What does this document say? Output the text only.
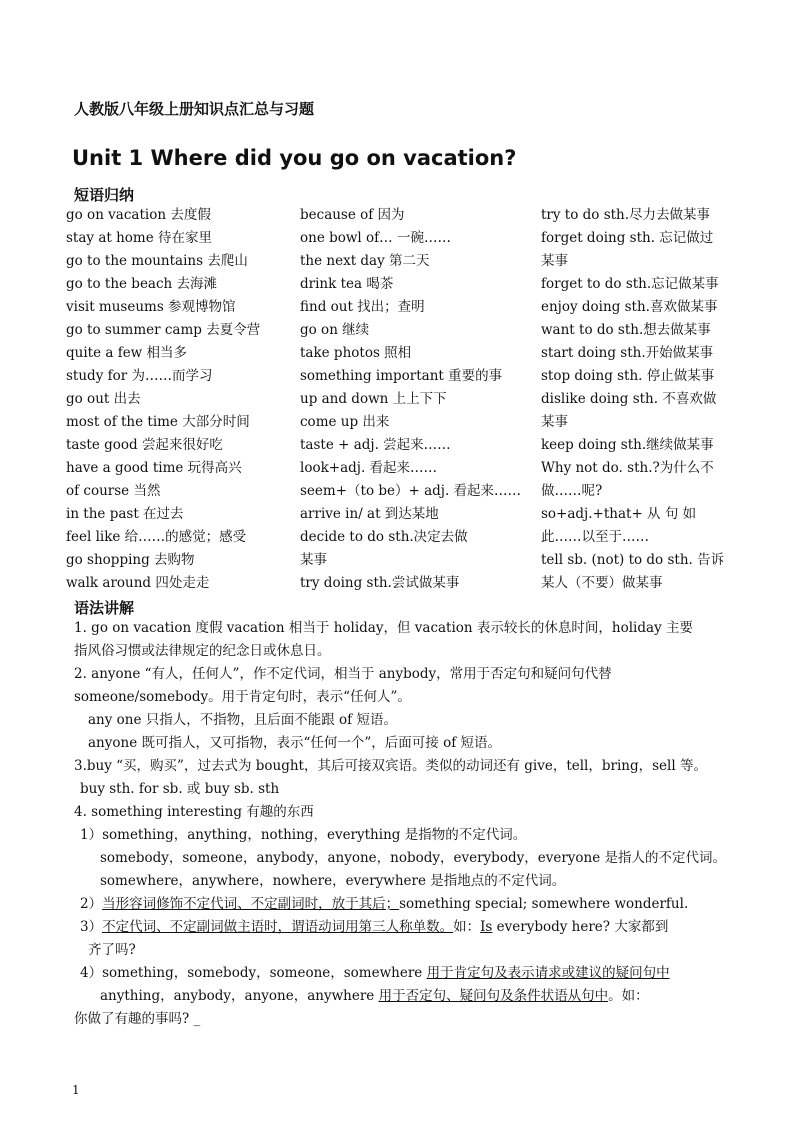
人教版八年级上册知识点汇总与习题
Unit 1 Where did you go on vacation?
短语归纳
go on vacation 去度假
stay at home 待在家里
go to the mountains 去爬山
go to the beach 去海滩
visit museums 参观博物馆
go to summer camp 去夏令营
quite a few 相当多
study for 为……而学习
go out 出去
most of the time 大部分时间
taste good 尝起来很好吃
have a good time 玩得高兴
of course 当然
in the past 在过去
feel like 给……的感觉；感受
go shopping 去购物
walk around 四处走走
because of 因为
one bowl of… 一碗……
the next day 第二天
drink tea 喝茶
find out 找出；查明
go on 继续
take photos 照相
something important 重要的事
up and down 上上下下
come up 出来
taste + adj. 尝起来……
look+adj. 看起来……
seem+（to be）+ adj. 看起来……
arrive in/ at 到达某地
decide to do sth.决定去做
某事
try doing sth.尝试做某事
try to do sth.尽力去做某事
forget doing sth. 忘记做过
某事
forget to do sth.忘记做某事
enjoy doing sth.喜欢做某事
want to do sth.想去做某事
start doing sth.开始做某事
stop doing sth. 停止做某事
dislike doing sth. 不喜欢做
某事
keep doing sth.继续做某事
Why not do. sth.?为什么不
做……呢?
so+adj.+that+ 从 句 如
此……以至于……
tell sb. (not) to do sth. 告诉
某人（不要）做某事
语法讲解
1. go on vacation 度假 vacation 相当于 holiday，但 vacation 表示较长的休息时间，holiday 主要
指风俗习惯或法律规定的纪念日或休息日。
2. anyone “有人，任何人”，作不定代词，相当于 anybody，常用于否定句和疑问句代替
someone/somebody。用于肯定句时，表示“任何人”。
any one 只指人，不指物，且后面不能跟 of 短语。
anyone 既可指人，又可指物，表示“任何一个”，后面可接 of 短语。
3.buy “买，购买”，过去式为 bought，其后可接双宾语。类似的动词还有 give，tell，bring，sell 等。
buy sth. for sb. 或 buy sb. sth
4. something interesting 有趣的东西
1）something，anything，nothing，everything 是指物的不定代词。
somebody，someone，anybody，anyone，nobody，everybody，everyone 是指人的不定代词。
somewhere，anywhere，nowhere，everywhere 是指地点的不定代词。
2）当形容词修饰不定代词、不定副词时，放于其后；something special; somewhere wonderful.
3）不定代词、不定副词做主语时，谓语动词用第三人称单数。如：Is everybody here? 大家都到
齐了吗?
4）something，somebody，someone，somewhere 用于肯定句及表示请求或建议的疑问句中
anything，anybody，anyone，anywhere 用于否定句、疑问句及条件状语从句中。如：
你做了有趣的事吗? _
1
